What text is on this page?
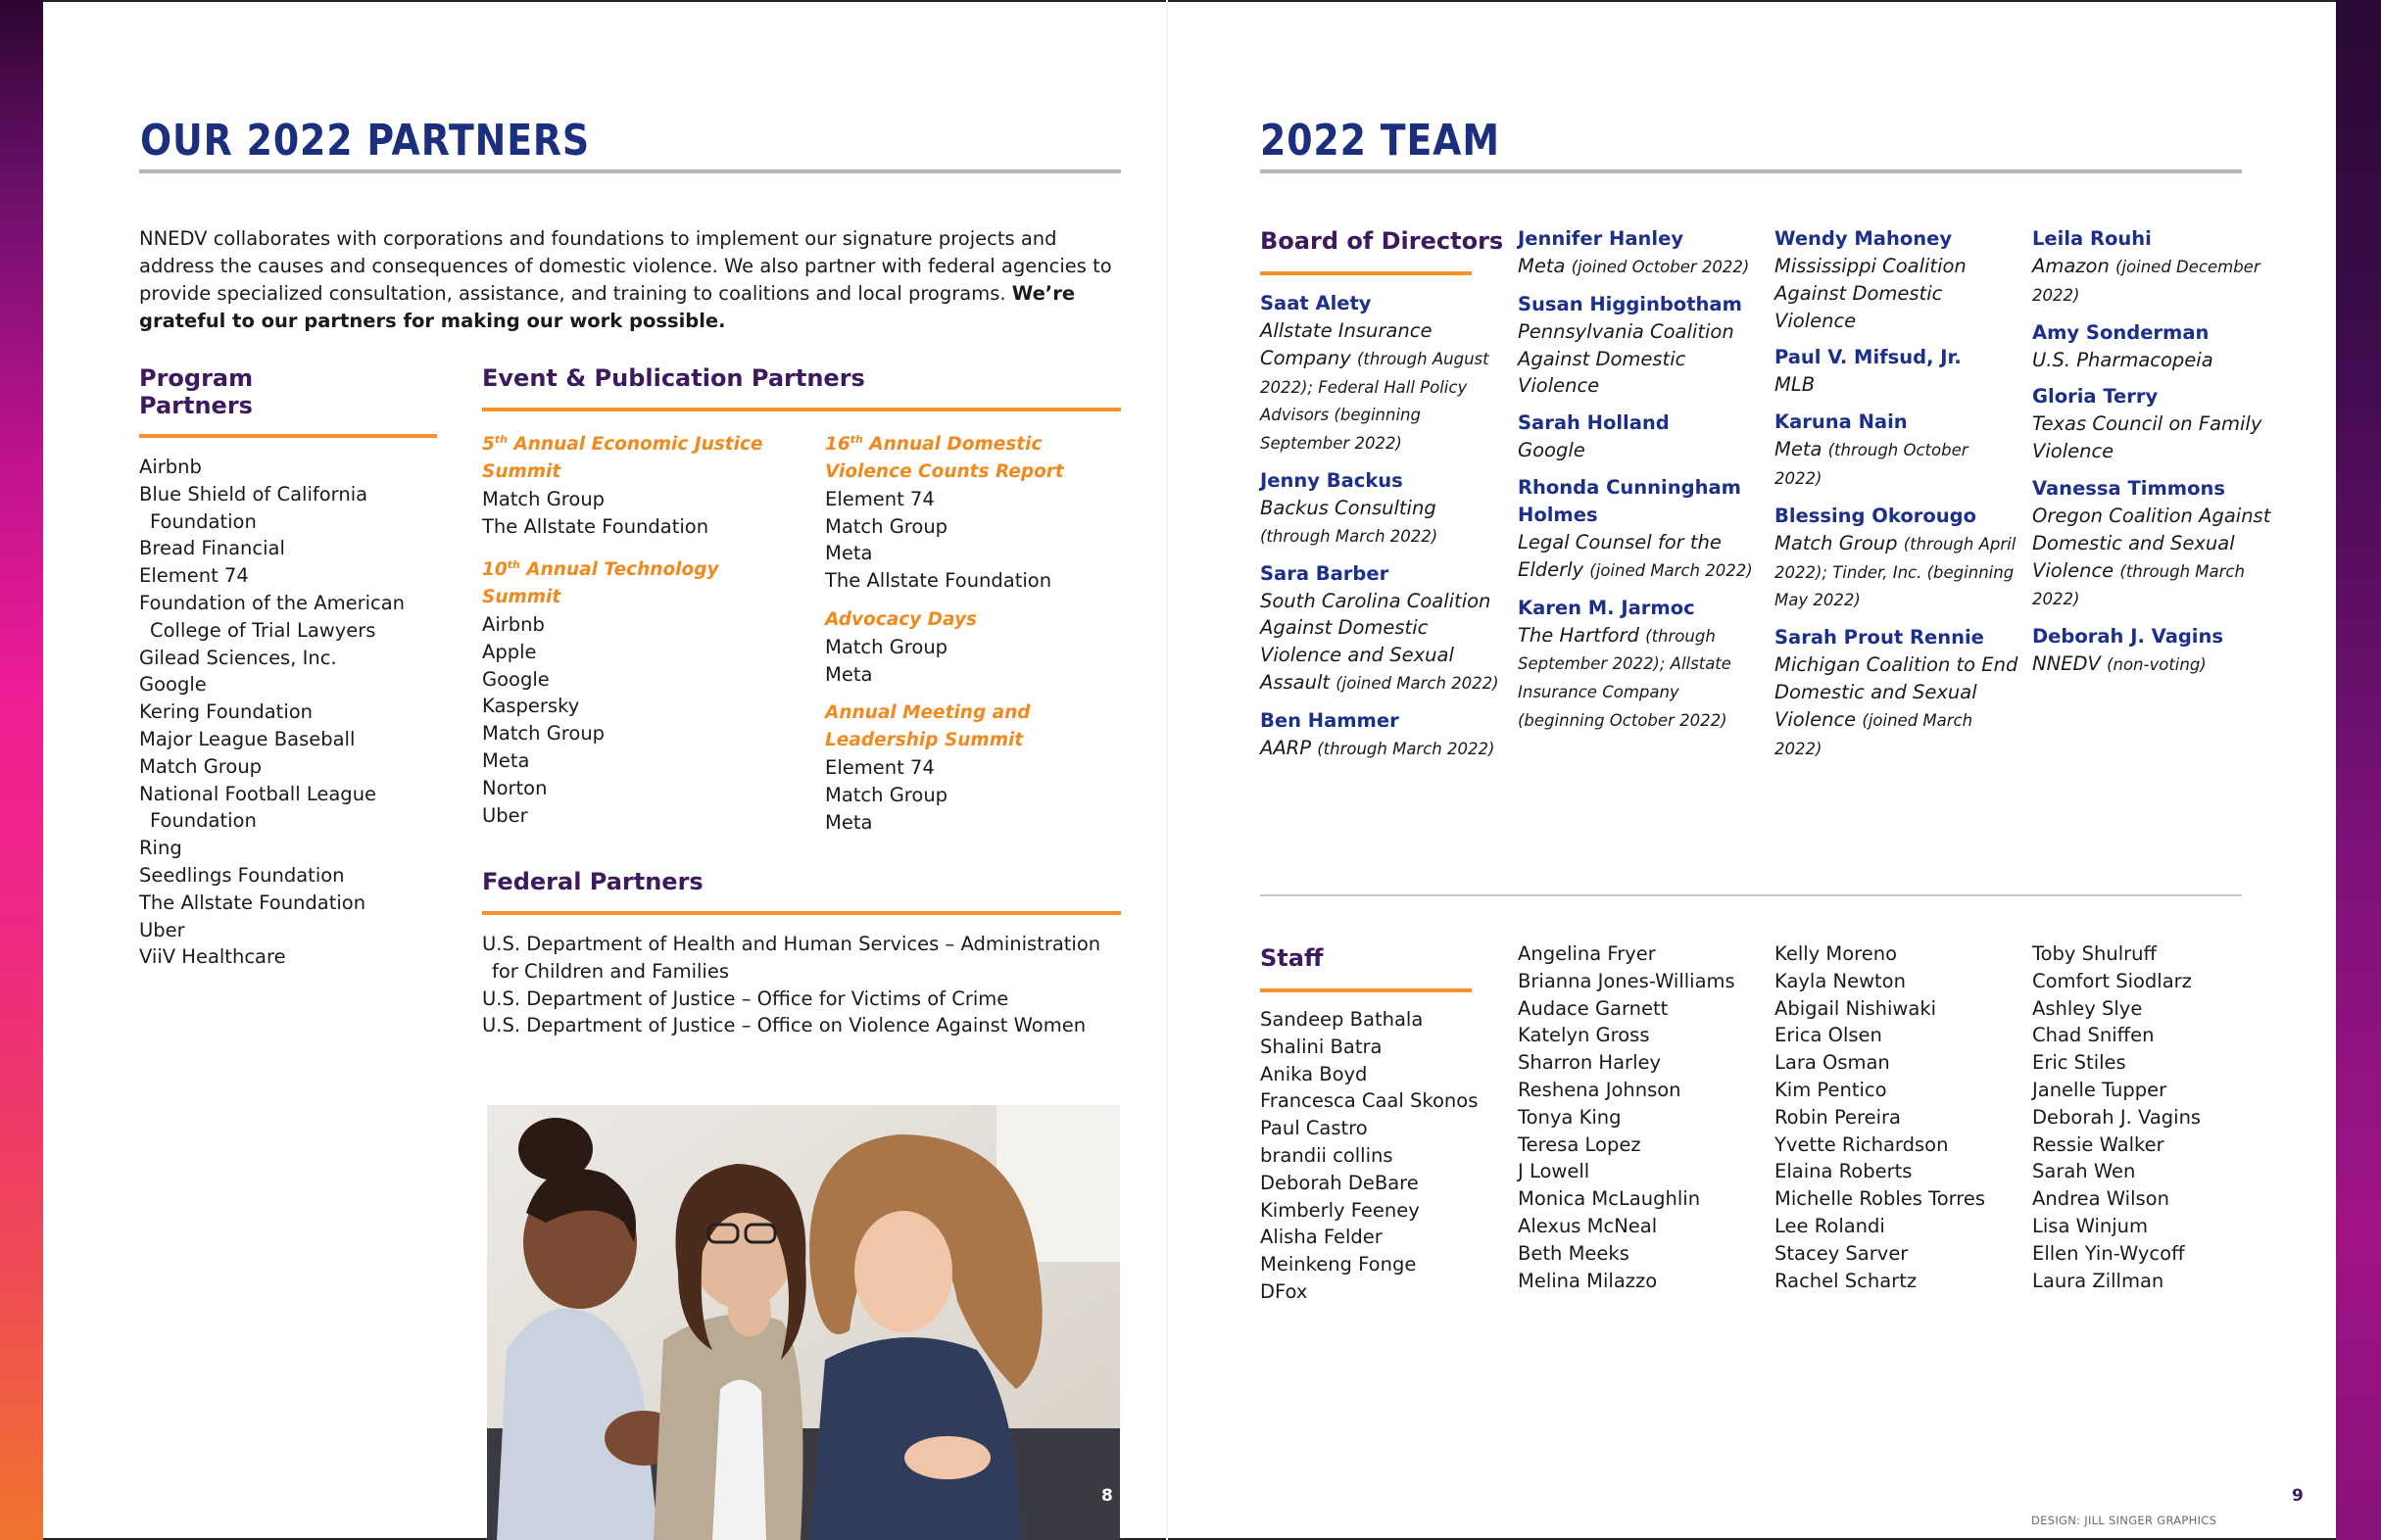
OUR 2022 PARTNERS

NNEDV collaborates with corporations and foundations to implement our signature projects and address the causes and consequences of domestic violence. We also partner with federal agencies to provide specialized consultation, assistance, and training to coalitions and local programs. We’re grateful to our partners for making our work possible.

Program
Partners
Airbnb
Blue Shield of California
Foundation
Bread Financial
Element 74
Foundation of the American
College of Trial Lawyers
Gilead Sciences, Inc.
Google
Kering Foundation
Major League Baseball
Match Group
National Football League
Foundation
Ring
Seedlings Foundation
The Allstate Foundation
Uber
ViiV Healthcare
Event & Publication Partners
5th Annual Economic Justice
Summit
Match Group
The Allstate Foundation
10th Annual Technology
Summit
Airbnb
Apple
Google
Kaspersky
Match Group
Meta
Norton
Uber
16th Annual Domestic
Violence Counts Report
Element 74
Match Group
Meta
The Allstate Foundation
Advocacy Days
Match Group
Meta
Annual Meeting and
Leadership Summit
Element 74
Match Group
Meta
Federal Partners
U.S. Department of Health and Human Services – Administration
for Children and Families
U.S. Department of Justice – Office for Victims of Crime
U.S. Department of Justice – Office on Violence Against Women
8
2022 TEAM
Board of Directors
Saat Alety
Allstate Insurance Company (through August 2022); Federal Hall Policy Advisors (beginning September 2022)
Jenny Backus
Backus Consulting (through March 2022)
Sara Barber
South Carolina Coalition Against Domestic Violence and Sexual Assault (joined March 2022)
Ben Hammer
AARP (through March 2022)
Jennifer Hanley
Meta (joined October 2022)
Susan Higginbotham
Pennsylvania Coalition Against Domestic Violence
Sarah Holland
Google
Rhonda Cunningham Holmes
Legal Counsel for the Elderly (joined March 2022)
Karen M. Jarmoc
The Hartford (through September 2022); Allstate Insurance Company (beginning October 2022)
Wendy Mahoney
Mississippi Coalition Against Domestic Violence
Paul V. Mifsud, Jr.
MLB
Karuna Nain
Meta (through October 2022)
Blessing Okorougo
Match Group (through April 2022); Tinder, Inc. (beginning May 2022)
Sarah Prout Rennie
Michigan Coalition to End Domestic and Sexual Violence (joined March 2022)
Leila Rouhi
Amazon (joined December 2022)
Amy Sonderman
U.S. Pharmacopeia
Gloria Terry
Texas Council on Family Violence
Vanessa Timmons
Oregon Coalition Against Domestic and Sexual Violence (through March 2022)
Deborah J. Vagins
NNEDV (non-voting)
Staff
Sandeep Bathala
Shalini Batra
Anika Boyd
Francesca Caal Skonos
Paul Castro
brandii collins
Deborah DeBare
Kimberly Feeney
Alisha Felder
Meinkeng Fonge
DFox
Angelina Fryer
Brianna Jones-Williams
Audace Garnett
Katelyn Gross
Sharron Harley
Reshena Johnson
Tonya King
Teresa Lopez
J Lowell
Monica McLaughlin
Alexus McNeal
Beth Meeks
Melina Milazzo
Kelly Moreno
Kayla Newton
Abigail Nishiwaki
Erica Olsen
Lara Osman
Kim Pentico
Robin Pereira
Yvette Richardson
Elaina Roberts
Michelle Robles Torres
Lee Rolandi
Stacey Sarver
Rachel Schartz
Toby Shulruff
Comfort Siodlarz
Ashley Slye
Chad Sniffen
Eric Stiles
Janelle Tupper
Deborah J. Vagins
Ressie Walker
Sarah Wen
Andrea Wilson
Lisa Winjum
Ellen Yin-Wycoff
Laura Zillman
9
DESIGN: JILL SINGER GRAPHICS
